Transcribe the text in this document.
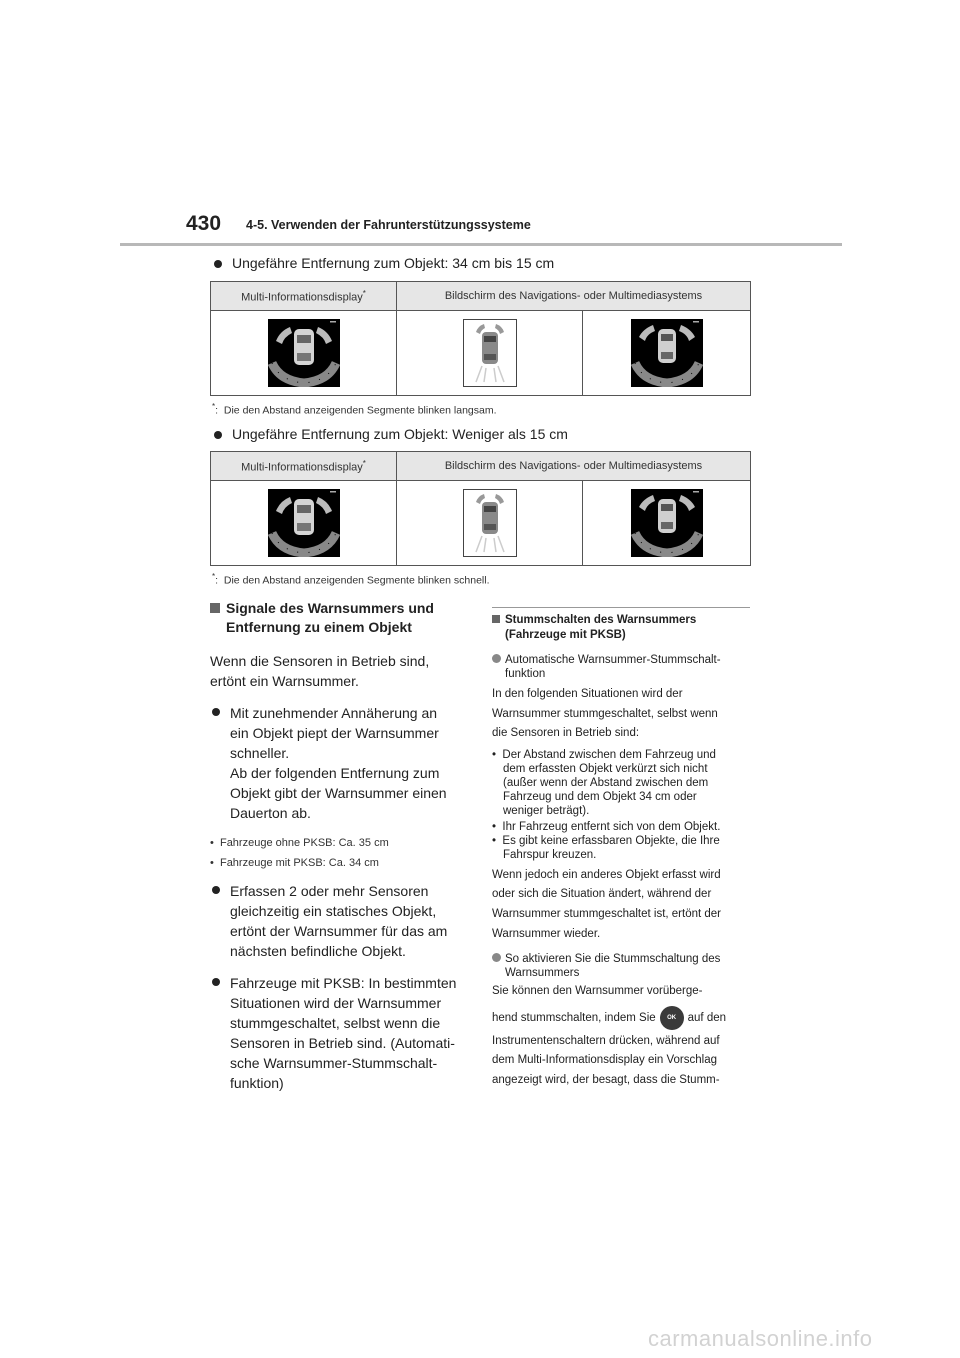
430 4-5. Verwenden der Fahrunterstützungssysteme
Ungefähre Entfernung zum Objekt: 34 cm bis 15 cm
Multi-Informationsdisplay*	Bildschirm des Navigations- oder Multimediasystems	

*: Die den Abstand anzeigenden Segmente blinken langsam.
Ungefähre Entfernung zum Objekt: Weniger als 15 cm
Multi-Informationsdisplay*	Bildschirm des Navigations- oder Multimediasystems	

*: Die den Abstand anzeigenden Segmente blinken schnell.
Signale des Warnsummers und
Entfernung zu einem Objekt
Wenn die Sensoren in Betrieb sind,
ertönt ein Warnsummer.
Mit zunehmender Annäherung an
ein Objekt piept der Warnsummer
schneller.
Ab der folgenden Entfernung zum
Objekt gibt der Warnsummer einen
Dauerton ab.
•  Fahrzeuge ohne PKSB: Ca. 35 cm
•  Fahrzeuge mit PKSB: Ca. 34 cm
Erfassen 2 oder mehr Sensoren
gleichzeitig ein statisches Objekt,
ertönt der Warnsummer für das am
nächsten befindliche Objekt.
Fahrzeuge mit PKSB: In bestimmten
Situationen wird der Warnsummer
stummgeschaltet, selbst wenn die
Sensoren in Betrieb sind. (Automati-
sche Warnsummer-Stummschalt-
funktion)
Stummschalten des Warnsummers
(Fahrzeuge mit PKSB)
Automatische Warnsummer-Stummschalt-
funktion
In den folgenden Situationen wird der
Warnsummer stummgeschaltet, selbst wenn
die Sensoren in Betrieb sind:
•  Der Abstand zwischen dem Fahrzeug und
dem erfassten Objekt verkürzt sich nicht
(außer wenn der Abstand zwischen dem
Fahrzeug und dem Objekt 34 cm oder
weniger beträgt).
•  Ihr Fahrzeug entfernt sich von dem Objekt.
•  Es gibt keine erfassbaren Objekte, die Ihre
Fahrspur kreuzen.
Wenn jedoch ein anderes Objekt erfasst wird
oder sich die Situation ändert, während der
Warnsummer stummgeschaltet ist, ertönt der
Warnsummer wieder.
So aktivieren Sie die Stummschaltung des
Warnsummers
Sie können den Warnsummer vorüberge-
hend stummschalten, indem Sie OK auf den
Instrumentenschaltern drücken, während auf
dem Multi-Informationsdisplay ein Vorschlag
angezeigt wird, der besagt, dass die Stumm-
carmanualsonline.info
